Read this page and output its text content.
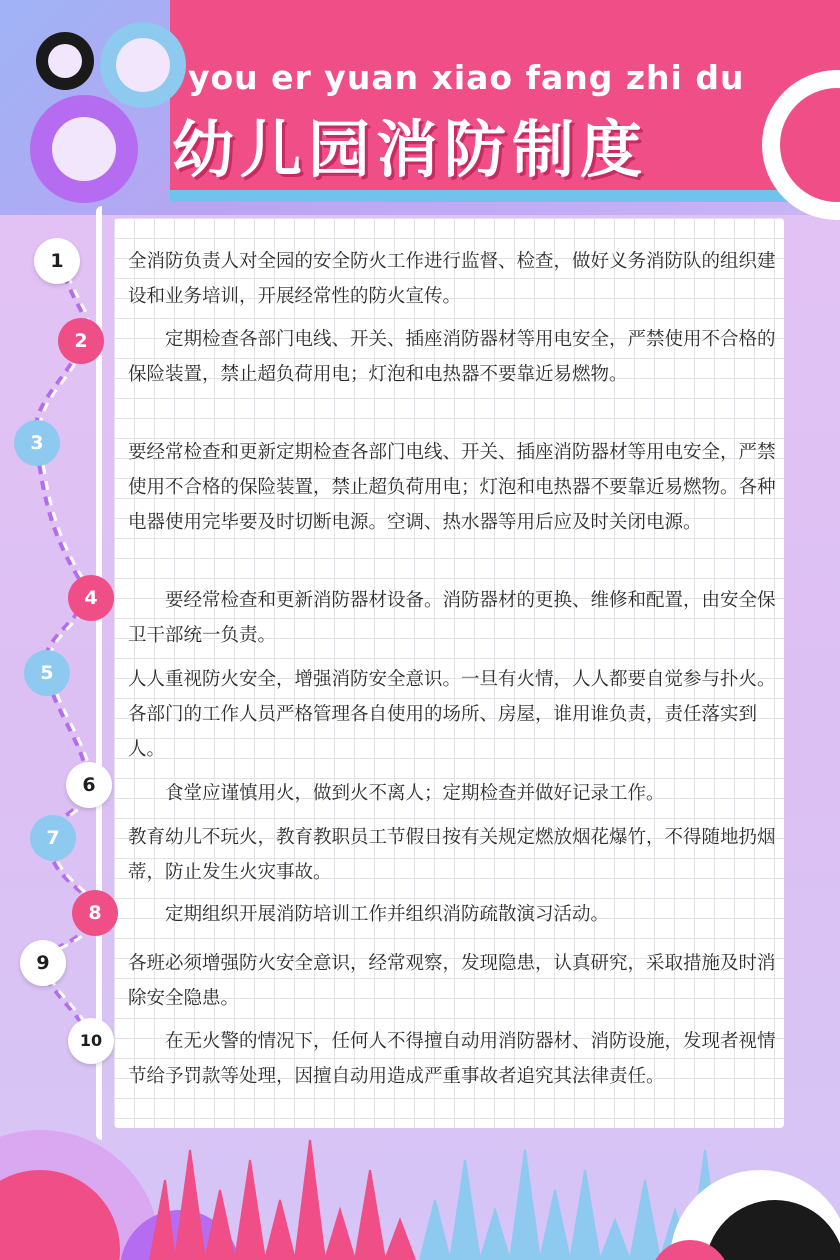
you er yuan xiao fang zhi du
幼儿园消防制度
1
2
3
4
5
6
7
8
9
10
全消防负责人对全园的安全防火工作进行监督、检查，做好义务消防队的组织建设和业务培训，开展经常性的防火宣传。
　　定期检查各部门电线、开关、插座消防器材等用电安全，严禁使用不合格的保险装置，禁止超负荷用电；灯泡和电热器不要靠近易燃物。
要经常检查和更新定期检查各部门电线、开关、插座消防器材等用电安全，严禁使用不合格的保险装置，禁止超负荷用电；灯泡和电热器不要靠近易燃物。各种电器使用完毕要及时切断电源。空调、热水器等用后应及时关闭电源。
　　要经常检查和更新消防器材设备。消防器材的更换、维修和配置，由安全保卫干部统一负责。
人人重视防火安全，增强消防安全意识。一旦有火情，人人都要自觉参与扑火。各部门的工作人员严格管理各自使用的场所、房屋，谁用谁负责，责任落实到人。
　　食堂应谨慎用火，做到火不离人；定期检查并做好记录工作。
教育幼儿不玩火，教育教职员工节假日按有关规定燃放烟花爆竹，不得随地扔烟蒂，防止发生火灾事故。
　　定期组织开展消防培训工作并组织消防疏散演习活动。
各班必须增强防火安全意识，经常观察，发现隐患，认真研究，采取措施及时消除安全隐患。
　　在无火警的情况下，任何人不得擅自动用消防器材、消防设施，发现者视情节给予罚款等处理，因擅自动用造成严重事故者追究其法律责任。
